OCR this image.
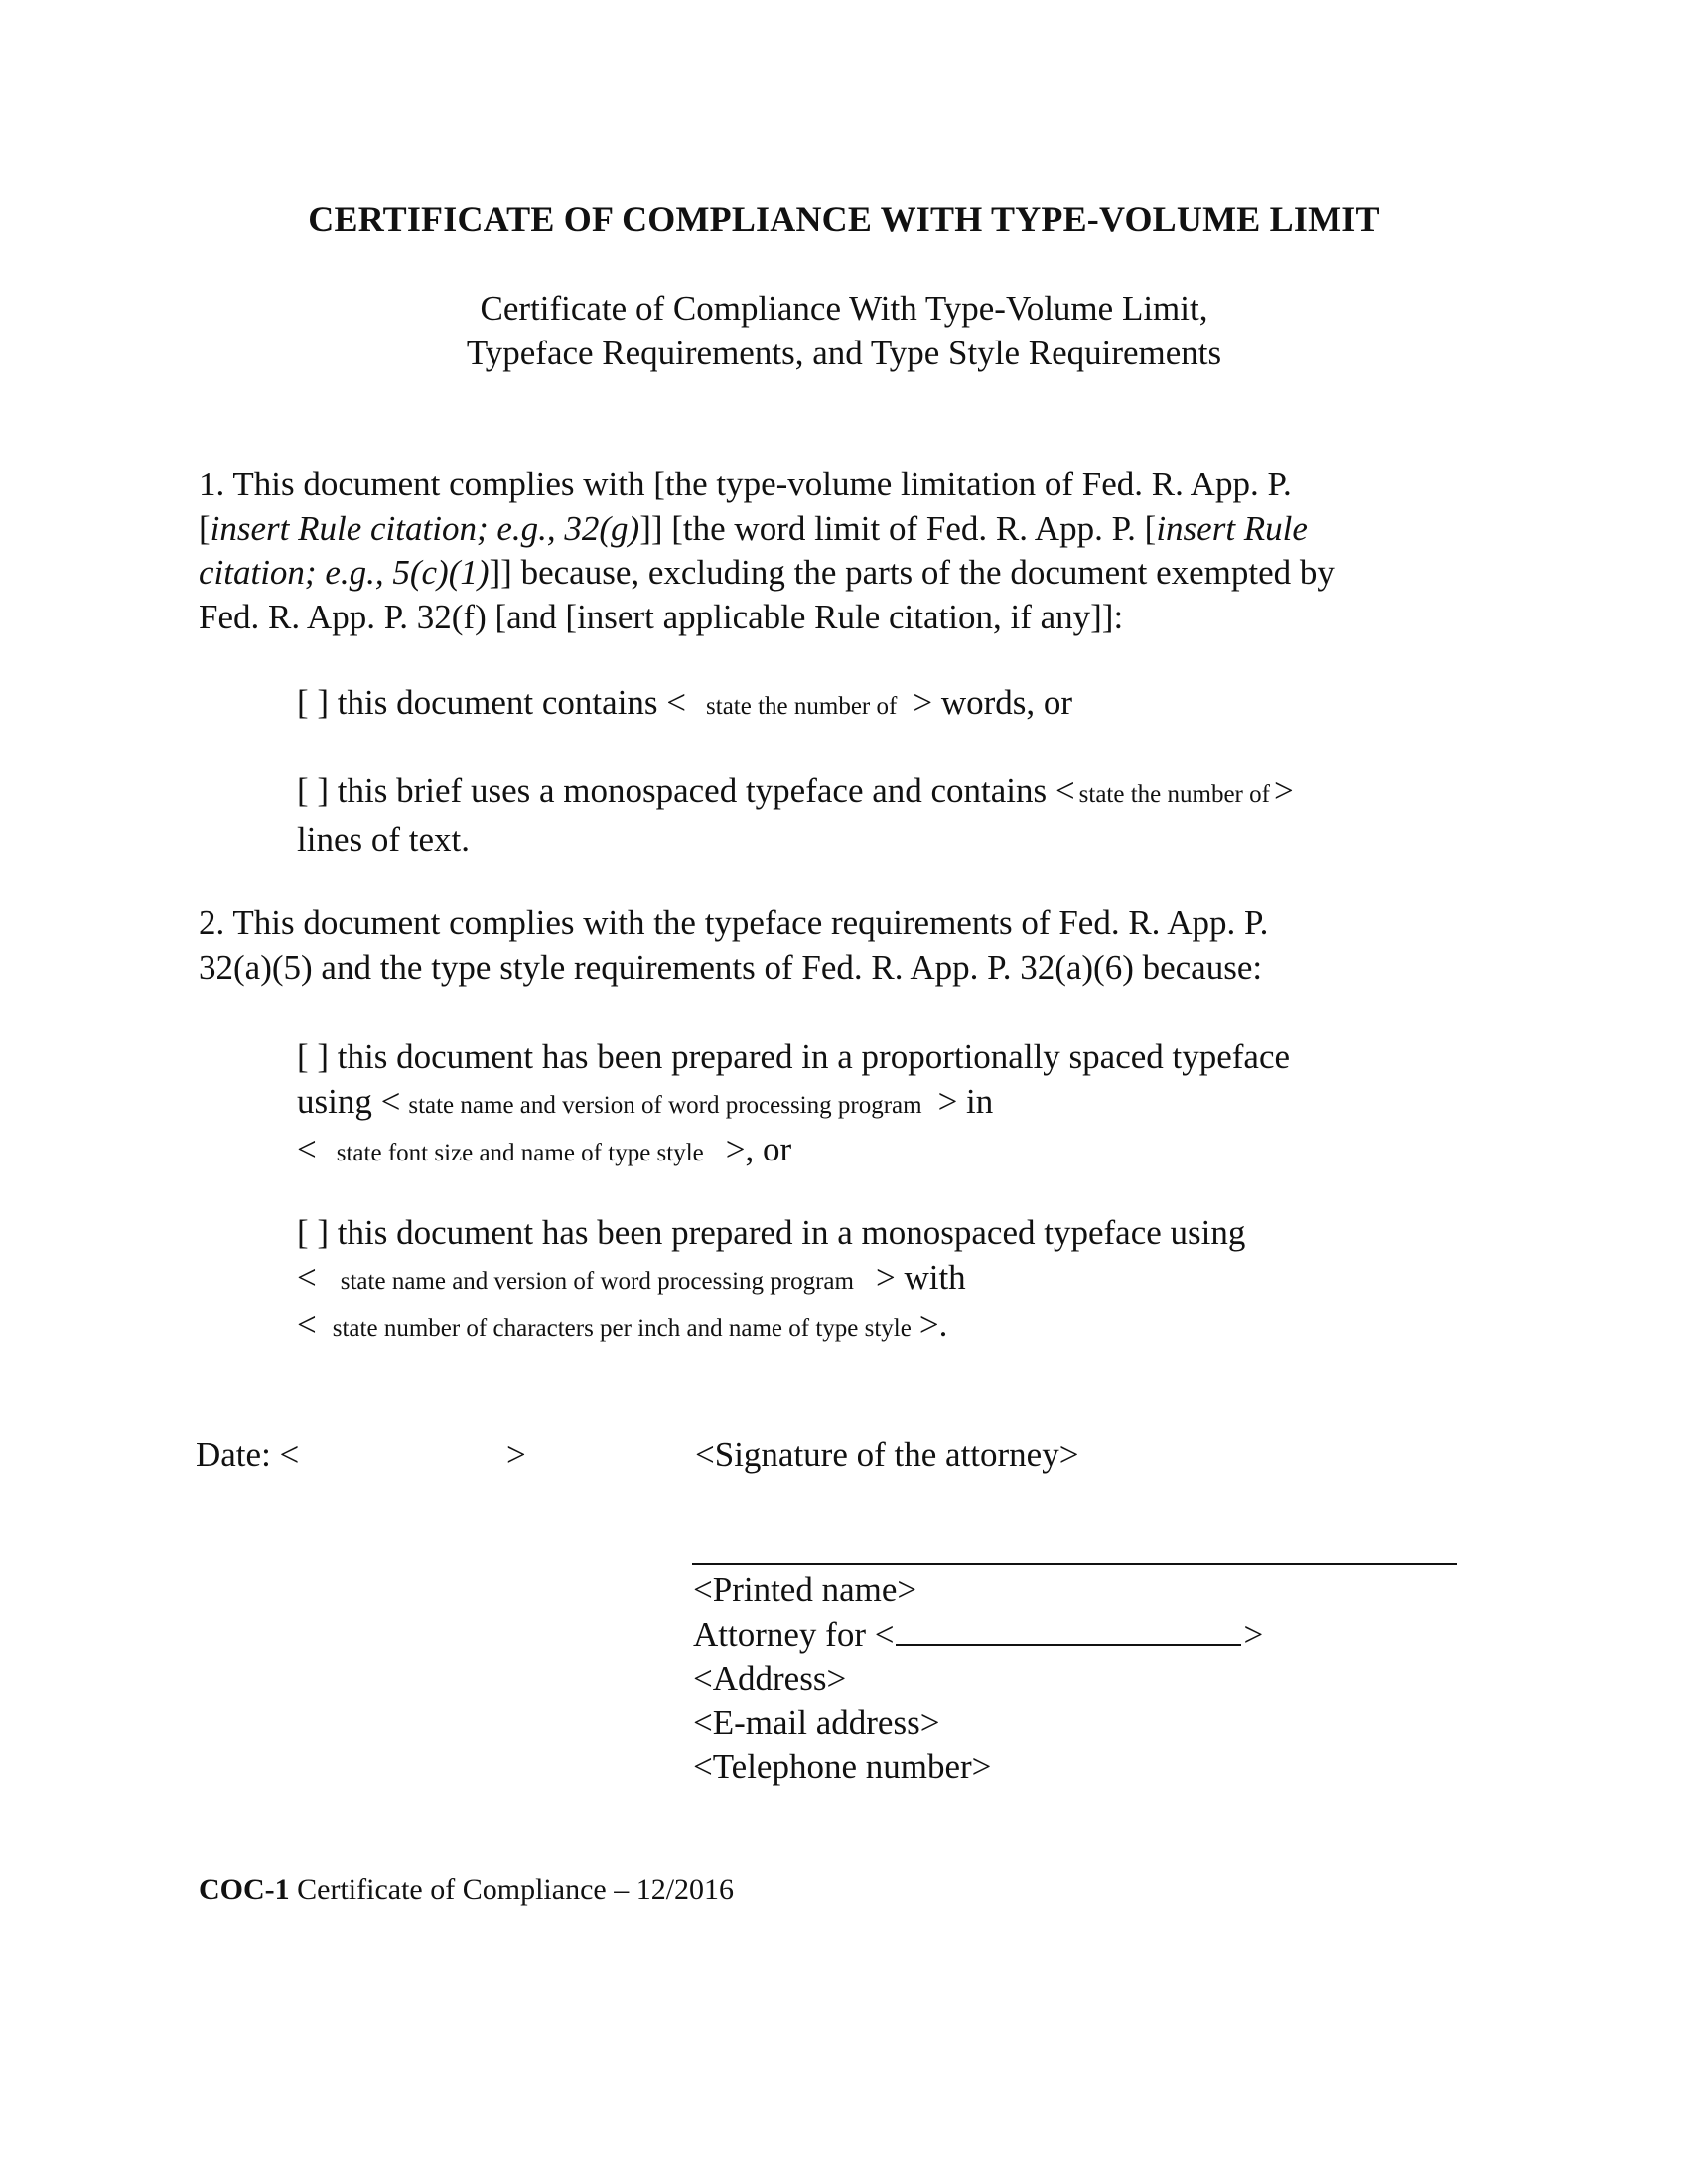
CERTIFICATE OF COMPLIANCE WITH TYPE-VOLUME LIMIT
Certificate of Compliance With Type-Volume Limit,
Typeface Requirements, and Type Style Requirements
1. This document complies with [the type-volume limitation of Fed. R. App. P.
[insert Rule citation; e.g., 32(g)]] [the word limit of Fed. R. App. P. [insert Rule
citation; e.g., 5(c)(1)]] because, excluding the parts of the document exempted by
Fed. R. App. P. 32(f) [and [insert applicable Rule citation, if any]]:
[ ] this document contains < state the number of > words, or
[ ] this brief uses a monospaced typeface and contains < state the number of >
lines of text.
2. This document complies with the typeface requirements of Fed. R. App. P.
32(a)(5) and the type style requirements of Fed. R. App. P. 32(a)(6) because:
[ ] this document has been prepared in a proportionally spaced typeface
using < state name and version of word processing program > in
< state font size and name of type style >, or
[ ] this document has been prepared in a monospaced typeface using
< state name and version of word processing program > with
< state number of characters per inch and name of type style >.
Date: <	>	<Signature of the attorney>
<Printed name>
Attorney for <	>
<Address>
<E-mail address>
<Telephone number>
COC-1 Certificate of Compliance – 12/2016
